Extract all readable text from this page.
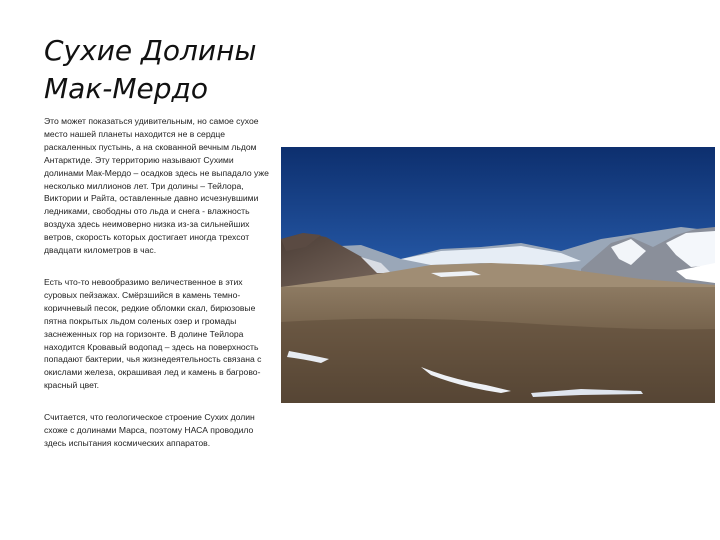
Сухие Долины
Мак-Мердо

Это может показаться удивительным, но самое сухое место нашей планеты находится не в сердце раскаленных пустынь, а на скованной вечным льдом Антарктиде. Эту территорию называют Сухими долинами Мак-Мердо – осадков здесь не выпадало уже несколько миллионов лет. Три долины – Тейлора, Виктории и Райта, оставленные давно исчезнувшими ледниками, свободны ото льда и снега - влажность воздуха здесь неимоверно низка из-за сильнейших ветров, скорость которых достигает иногда трехсот двадцати километров в час.

Есть что-то невообразимо величественное в этих суровых пейзажах. Смёрзшийся в камень темно-коричневый песок, редкие обломки скал, бирюзовые пятна покрытых льдом соленых озер и громады заснеженных гор на горизонте. В долине Тейлора находится Кровавый водопад – здесь на поверхность попадают бактерии, чья жизнедеятельность связана с окислами железа, окрашивая лед и камень в багрово-красный цвет.

Считается, что геологическое строение Сухих долин схоже с долинами Марса, поэтому НАСА проводило здесь испытания космических аппаратов.
